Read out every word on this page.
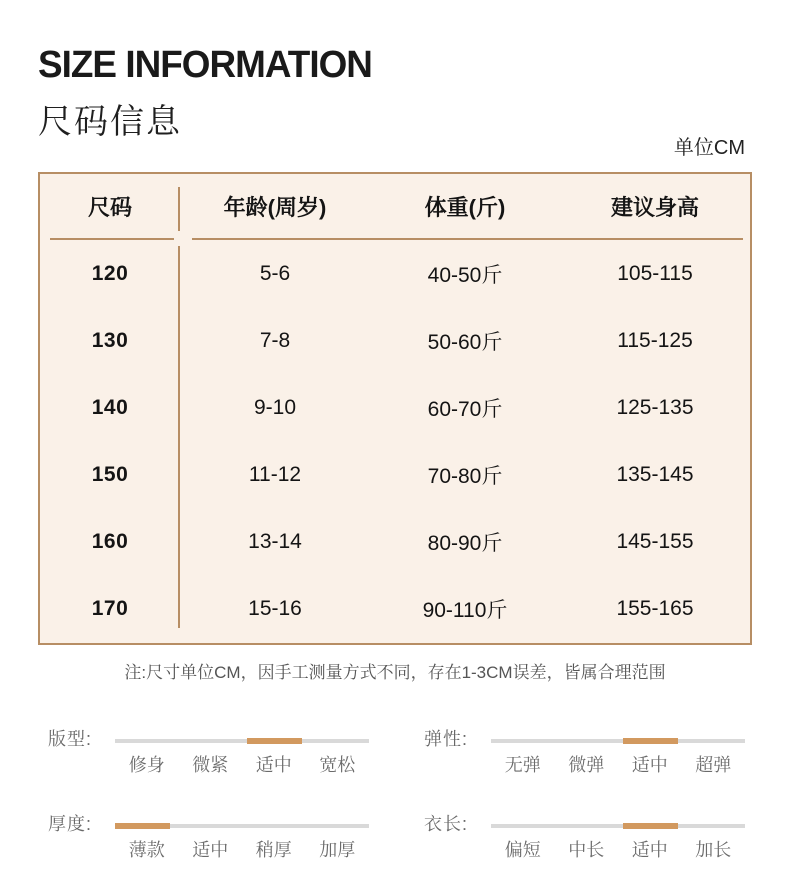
SIZE INFORMATION
尺码信息
单位CM
尺码	年龄(周岁)	体重(斤)	建议身高
120	5-6	40-50斤	105-115
130	7-8	50-60斤	115-125
140	9-10	60-70斤	125-135
150	11-12	70-80斤	135-145
160	13-14	80-90斤	145-155
170	15-16	90-110斤	155-165
注:尺寸单位CM，因手工测量方式不同，存在1-3CM误差，皆属合理范围
版型:
修身	微紧	适中	宽松
弹性:
无弹	微弹	适中	超弹
厚度:
薄款	适中	稍厚	加厚
衣长:
偏短	中长	适中	加长
